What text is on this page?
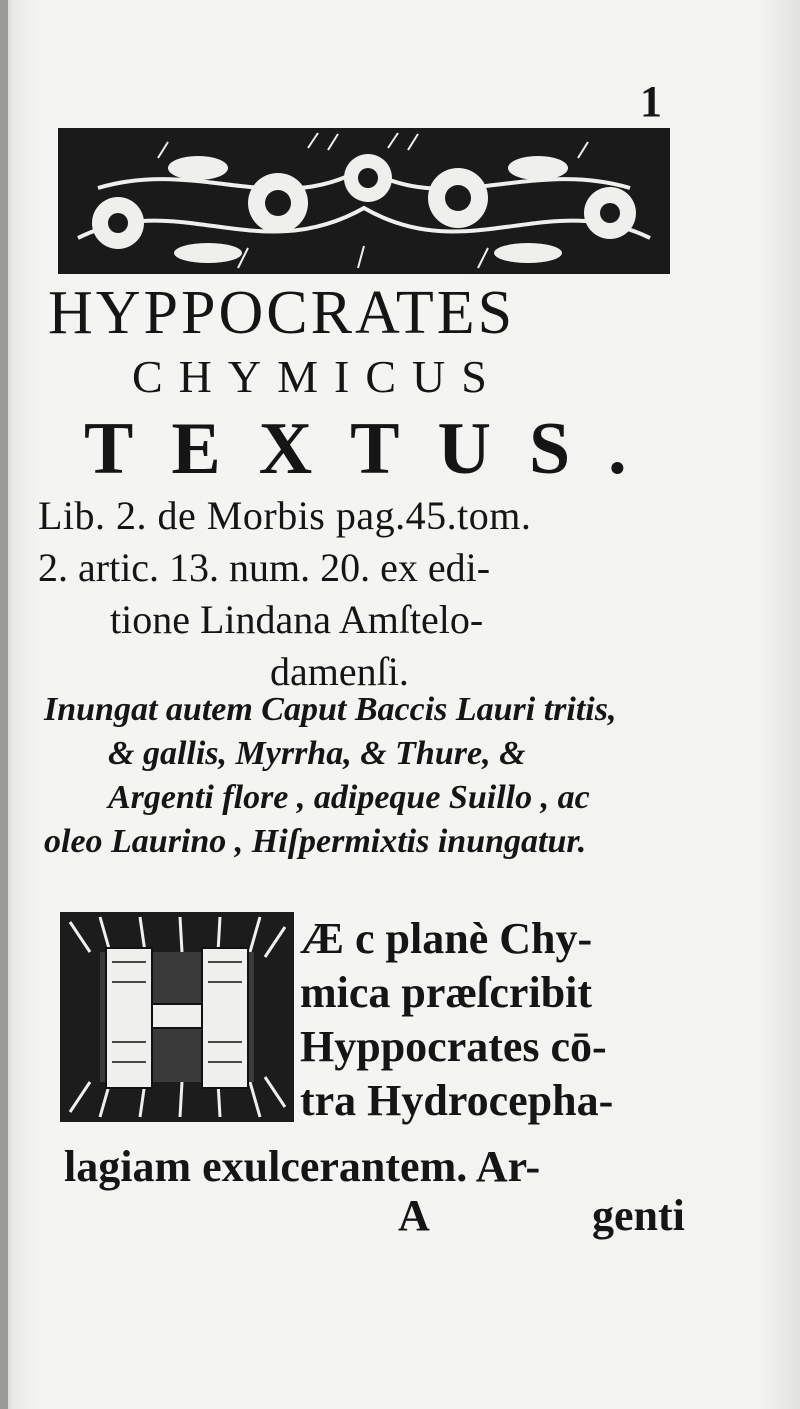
1
HYPPOCRATES
CHYMICUS
TEXTUS.
Lib. 2. de Morbis pag.45.tom.
2. artic. 13. num. 20. ex edi-
tione Lindana Amſtelo-
damenſi.
Inungat autem Caput Baccis Lauri tritis,
& gallis, Myrrha, & Thure, &
Argenti flore , adipeque Suillo , ac
oleo Laurino , Hiſpermixtis inungatur.
Æ c planè Chy-
mica præſcribit
Hyppocrates cō-
tra Hydrocepha-
lagiam exulcerantem. Ar-
A	genti
